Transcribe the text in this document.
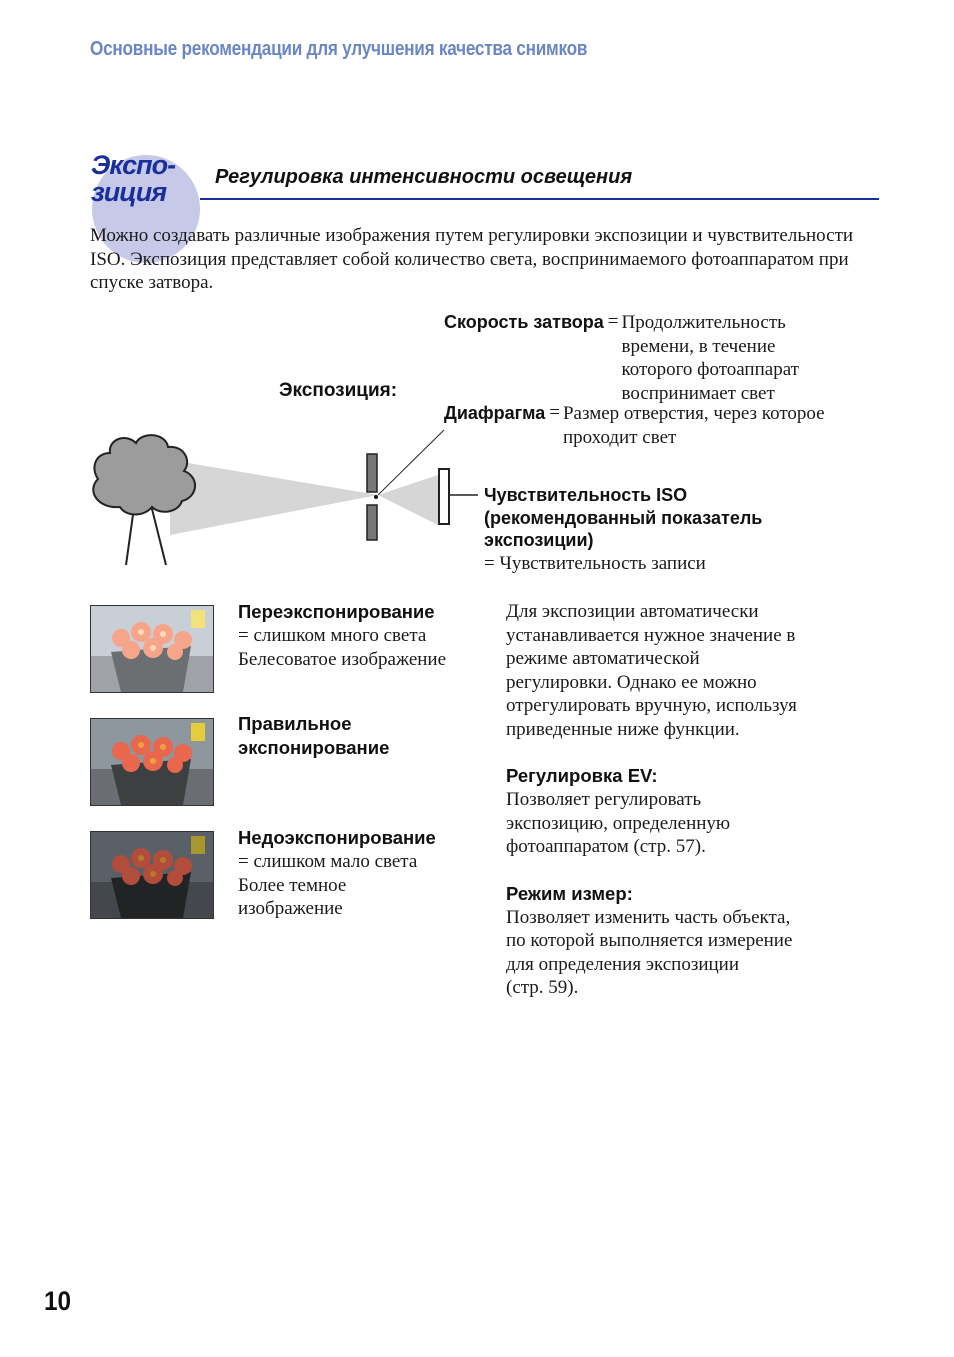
Основные рекомендации для улучшения качества снимков
Экспо-
зиция	Регулировка интенсивности освещения
Можно создавать различные изображения путем регулировки экспозиции и чувствительности ISO. Экспозиция представляет собой количество света, воспринимаемого фотоаппаратом при спуске затвора.
Экспозиция:
Скорость затвора = Продолжительность
времени, в течение
которого фотоаппарат
воспринимает свет
Диафрагма = Размер отверстия, через которое
проходит свет
Чувствительность ISO
(рекомендованный показатель
экспозиции)
= Чувствительность записи
Переэкспонирование
= слишком много света
Белесоватое изображение
Правильное
экспонирование
Недоэкспонирование
= слишком мало света
Более темное
изображение
Для экспозиции автоматически
устанавливается нужное значение в
режиме автоматической
регулировки. Однако ее можно
отрегулировать вручную, используя
приведенные ниже функции.
Регулировка EV:
Позволяет регулировать
экспозицию, определенную
фотоаппаратом (стр. 57).
Режим измер:
Позволяет изменить часть объекта,
по которой выполняется измерение
для определения экспозиции
(стр. 59).
10
